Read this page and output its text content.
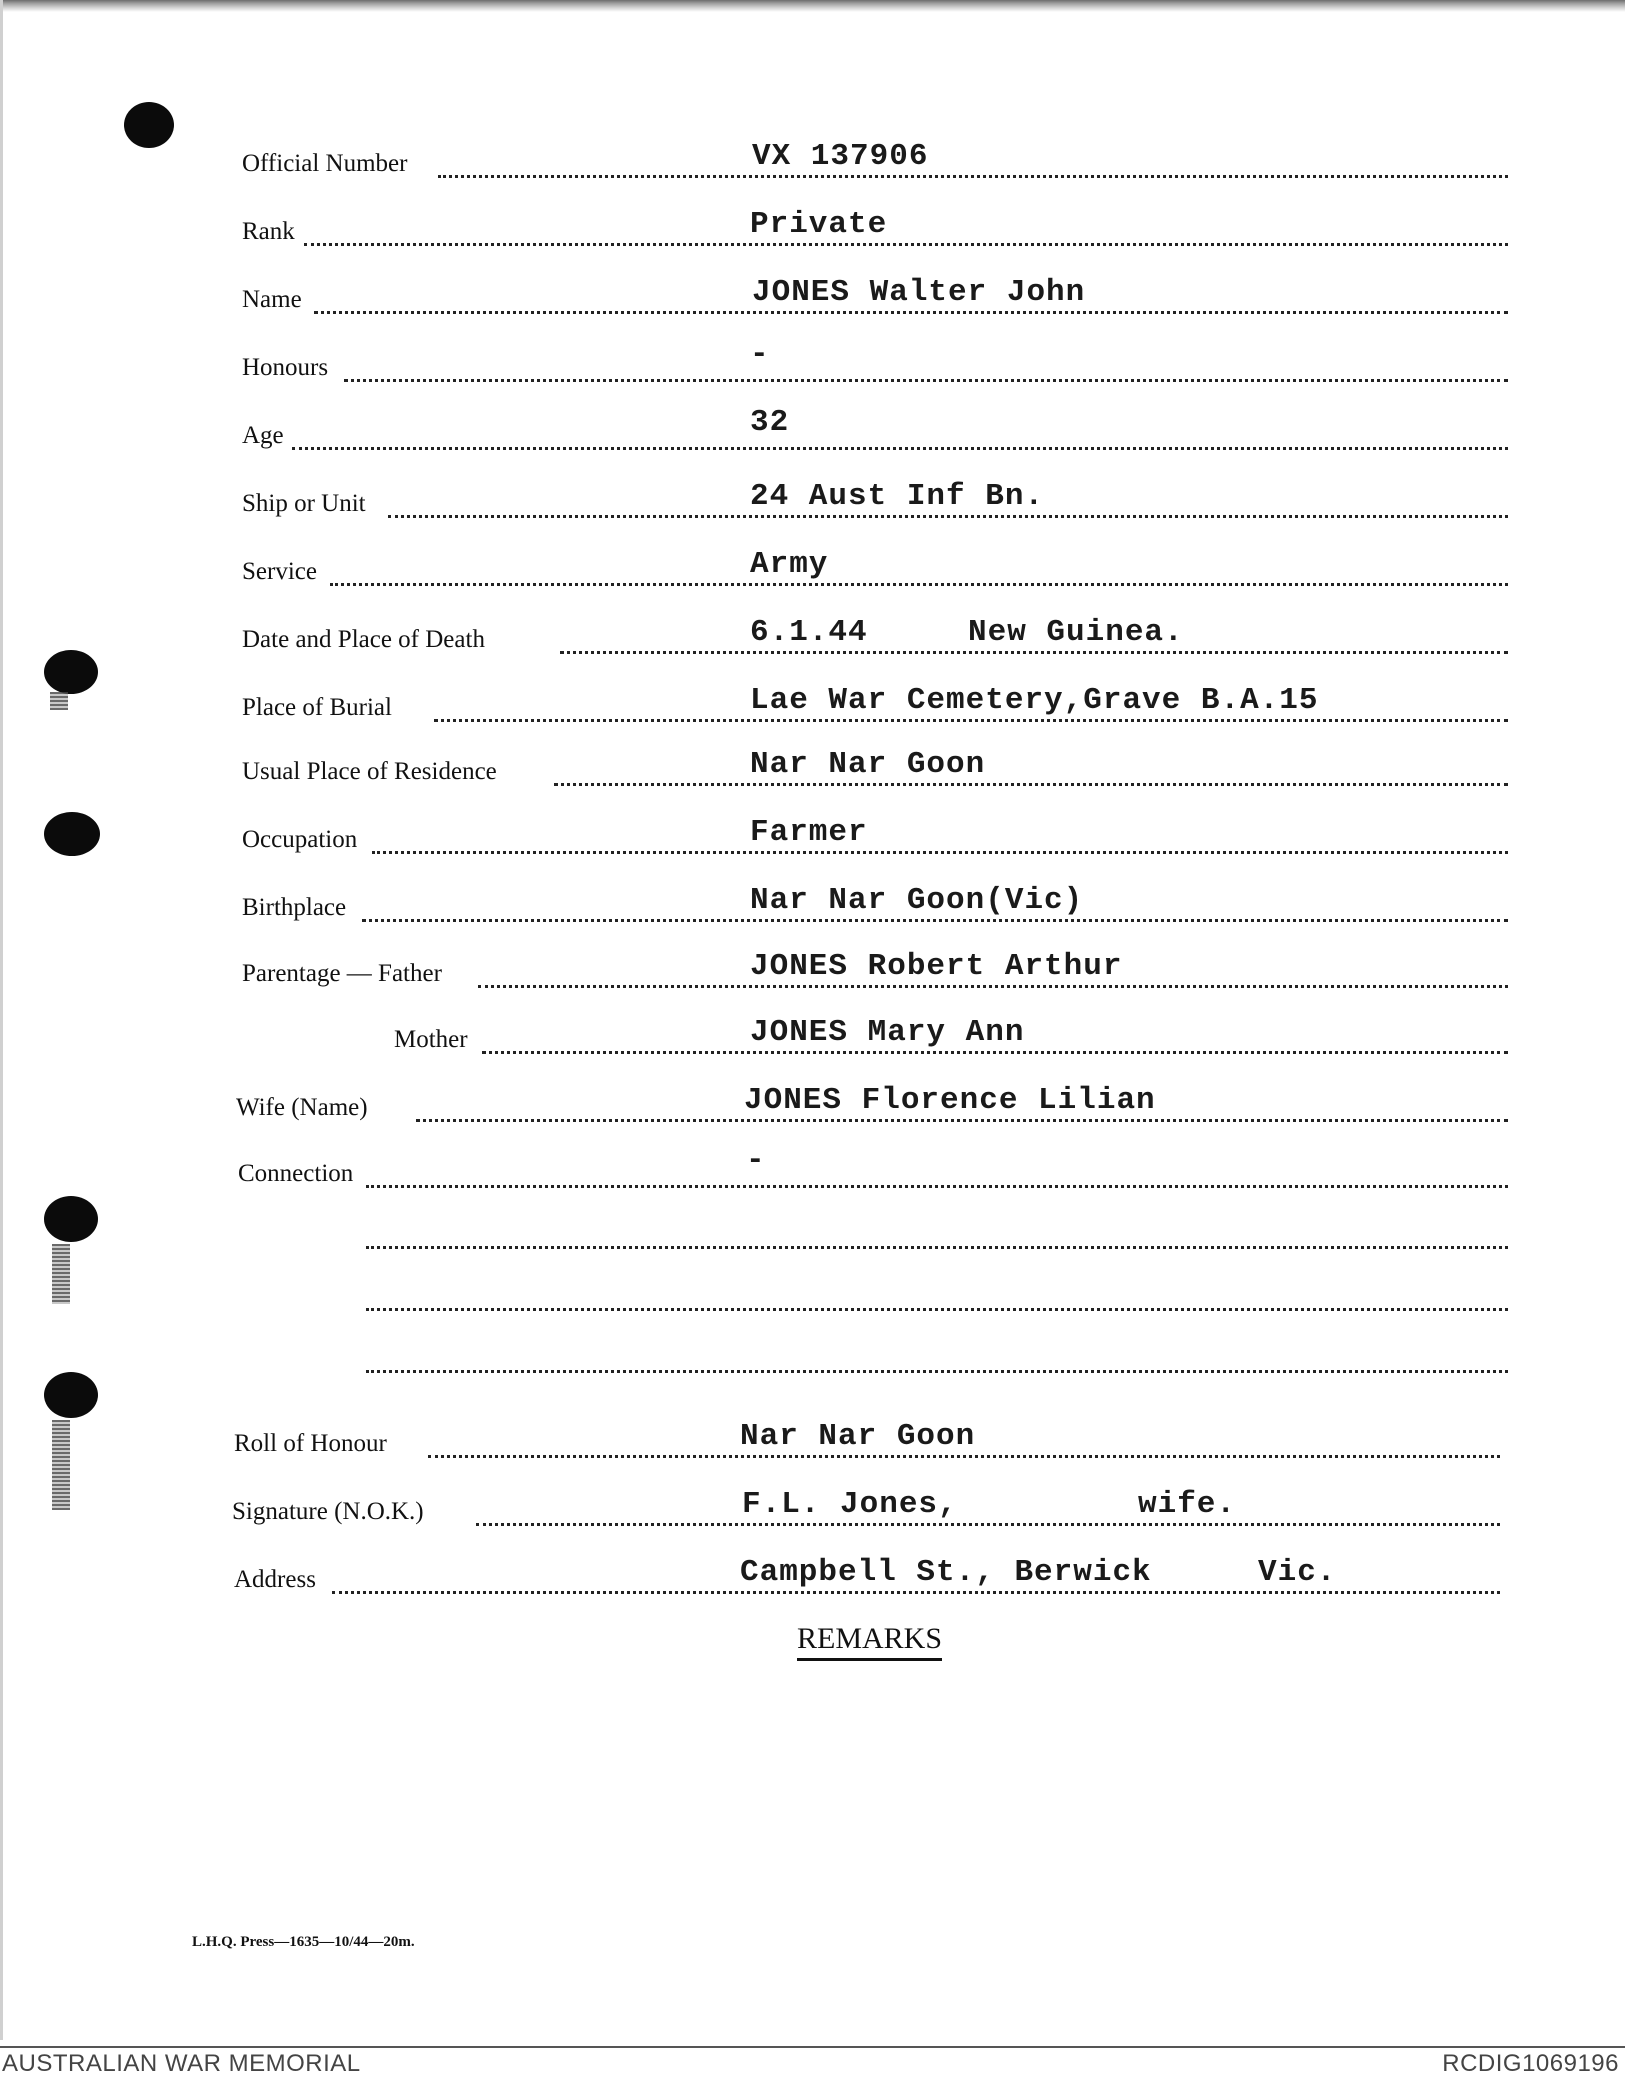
Official Number	VX 137906
Rank	Private
Name	JONES Walter John
Honours	-
Age	32
Ship or Unit	24 Aust Inf Bn.
Service	Army
Date and Place of Death	6.1.44	New Guinea.
Place of Burial	Lae War Cemetery,Grave B.A.15
Usual Place of Residence	Nar Nar Goon
Occupation	Farmer
Birthplace	Nar Nar Goon(Vic)
Parentage — Father	JONES Robert Arthur
Mother	JONES Mary Ann
Wife (Name)	JONES Florence Lilian
Connection	-
Roll of Honour	Nar Nar Goon
Signature (N.O.K.)	F.L. Jones,	wife.
Address	Campbell St., Berwick	Vic.
REMARKS
L.H.Q. Press—1635—10/44—20m.
AUSTRALIAN WAR MEMORIAL	RCDIG1069196
